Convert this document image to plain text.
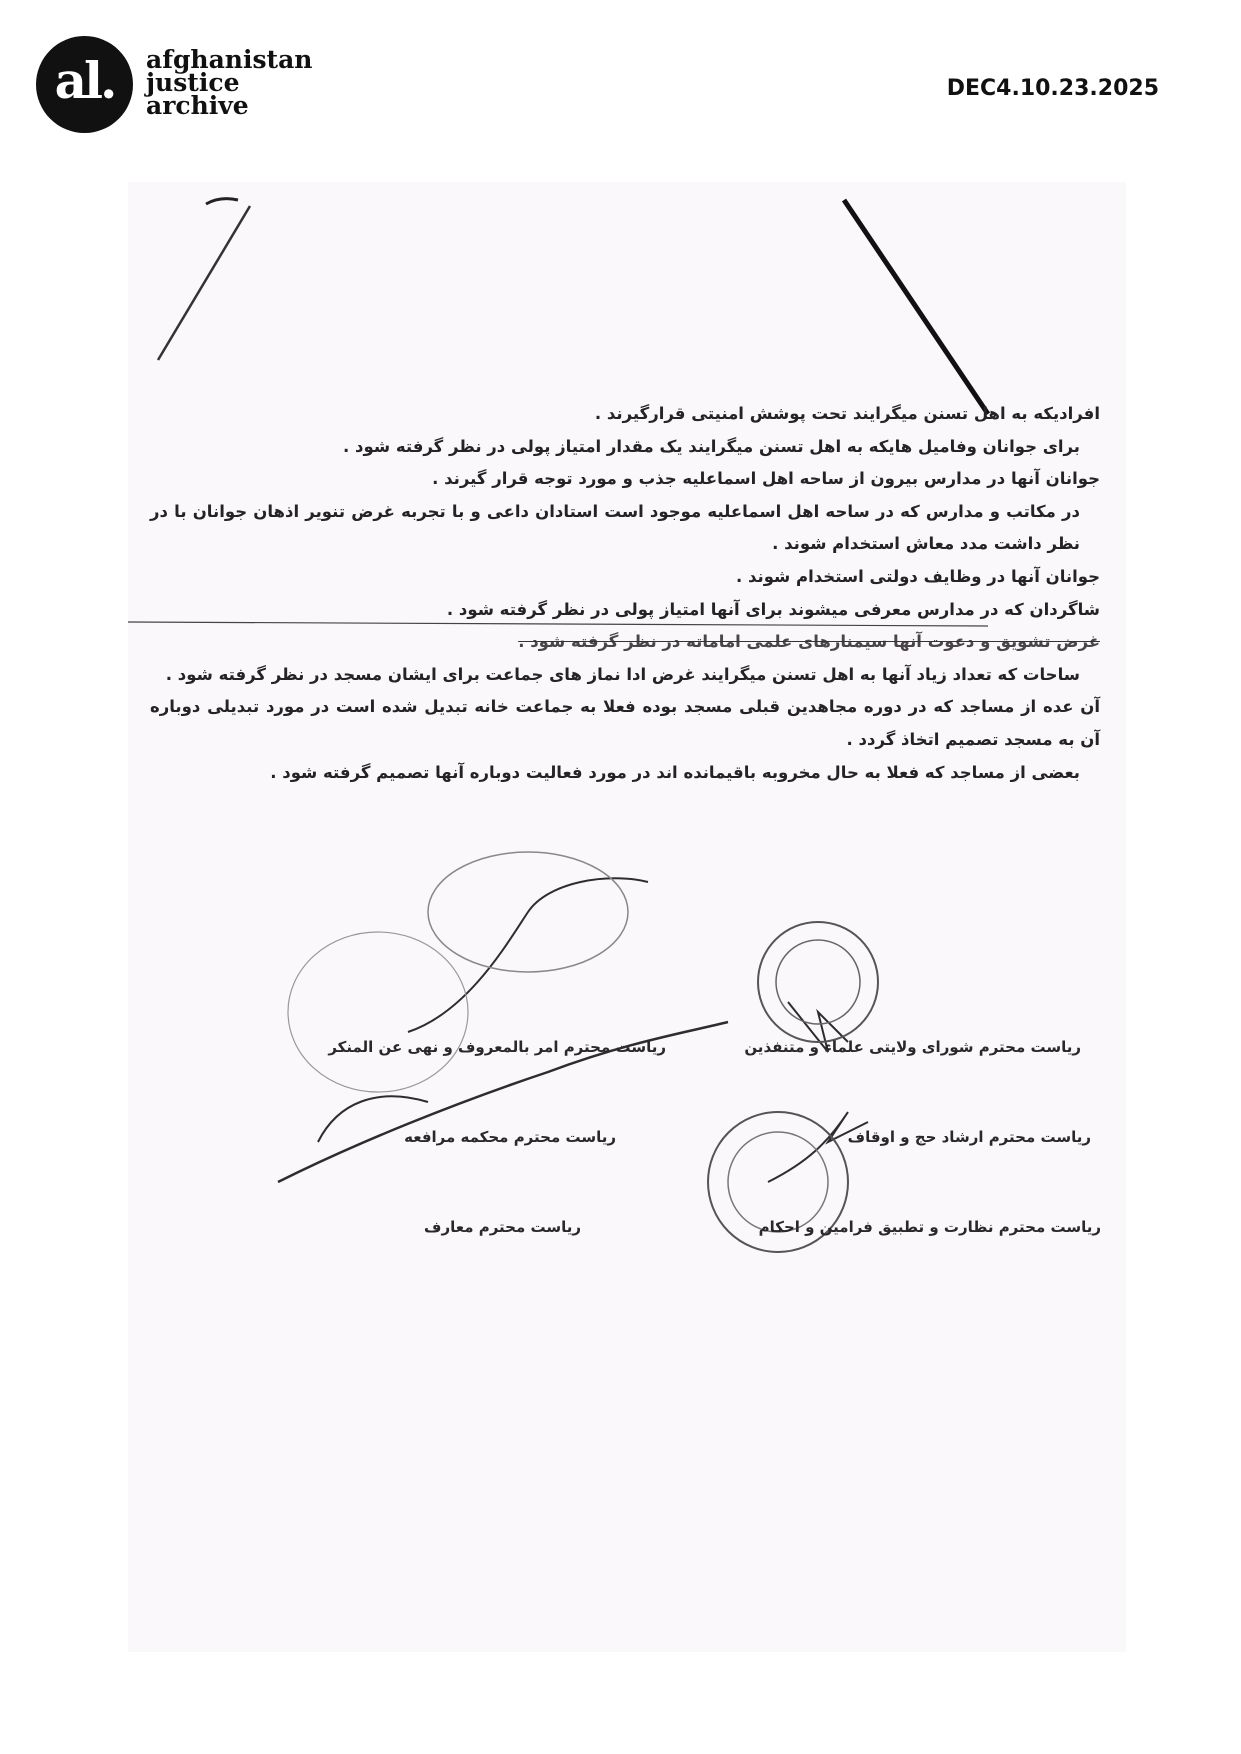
al. afghanistan
justice
archive
DEC4.10.23.2025

افرادیکه به اهل تسنن میگرایند تحت پوشش امنیتی قرارگیرند .

برای جوانان وفامیل هایکه به اهل تسنن میگرایند یک مقدار امتیاز پولی در نظر گرفته شود .

جوانان آنها در مدارس بیرون از ساحه اهل اسماعلیه جذب و مورد توجه قرار گیرند .

در مکاتب و مدارس که در ساحه اهل اسماعلیه موجود است استادان داعی و با تجربه غرض تنویر اذهان جوانان با در نظر داشت مدد معاش استخدام شوند .

جوانان آنها در وظایف دولتی استخدام شوند .

شاگردان که در مدارس معرفی میشوند برای آنها امتیاز پولی در نظر گرفته شود .

غرض تشویق و دعوت آنها سیمنارهای علمی اماماته در نظر گرفته شود .

ساحات که تعداد زیاد آنها به اهل تسنن میگرایند غرض ادا نماز های جماعت برای ایشان مسجد در نظر گرفته شود .

آن عده از مساجد که در دوره مجاهدین قبلی مسجد بوده فعلا به جماعت خانه تبدیل شده است در مورد تبدیلی دوباره آن به مسجد تصمیم اتخاذ گردد .

بعضی از مساجد که فعلا به حال مخروبه باقیمانده اند در مورد فعالیت دوباره آنها تصمیم گرفته شود .

ریاست محترم شورای ولایتی علماء و متنفذین
ریاست محترم امر بالمعروف و نهی عن المنکر
ریاست محترم ارشاد حج و اوقاف
ریاست محترم محکمه مرافعه
ریاست محترم نظارت و تطبیق فرامین و احکام
ریاست محترم معارف
